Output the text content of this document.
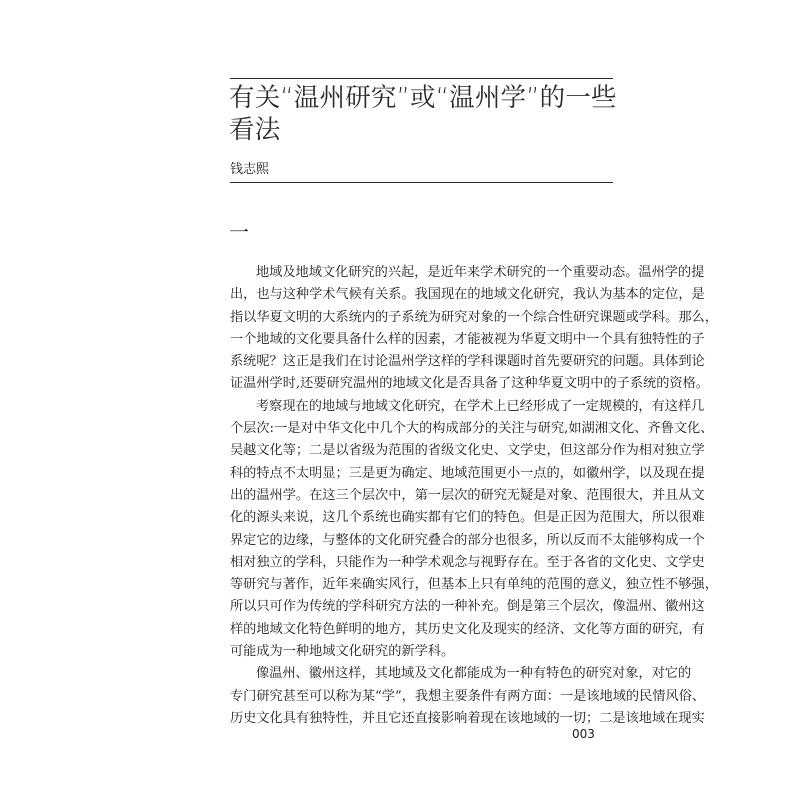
有关“温州研究”或“温州学”的一些
看法
钱志熙
一
地域及地域文化研究的兴起，是近年来学术研究的一个重要动态。温州学的提
出，也与这种学术气候有关系。我国现在的地域文化研究，我认为基本的定位，是
指以华夏文明的大系统内的子系统为研究对象的一个综合性研究课题或学科。那么，
一个地域的文化要具备什么样的因素，才能被视为华夏文明中一个具有独特性的子
系统呢？这正是我们在讨论温州学这样的学科课题时首先要研究的问题。具体到论
证温州学时,还要研究温州的地域文化是否具备了这种华夏文明中的子系统的资格。
考察现在的地域与地域文化研究，在学术上已经形成了一定规模的，有这样几
个层次:一是对中华文化中几个大的构成部分的关注与研究,如湖湘文化、齐鲁文化、
吴越文化等；二是以省级为范围的省级文化史、文学史，但这部分作为相对独立学
科的特点不太明显；三是更为确定、地域范围更小一点的，如徽州学，以及现在提
出的温州学。在这三个层次中，第一层次的研究无疑是对象、范围很大，并且从文
化的源头来说，这几个系统也确实都有它们的特色。但是正因为范围大，所以很难
界定它的边缘，与整体的文化研究叠合的部分也很多，所以反而不太能够构成一个
相对独立的学科，只能作为一种学术观念与视野存在。至于各省的文化史、文学史
等研究与著作，近年来确实风行，但基本上只有单纯的范围的意义，独立性不够强，
所以只可作为传统的学科研究方法的一种补充。倒是第三个层次，像温州、徽州这
样的地域文化特色鲜明的地方，其历史文化及现实的经济、文化等方面的研究，有
可能成为一种地域文化研究的新学科。
像温州、徽州这样，其地域及文化都能成为一种有特色的研究对象，对它的
专门研究甚至可以称为某“学”，我想主要条件有两方面：一是该地域的民情风俗、
历史文化具有独特性，并且它还直接影响着现在该地域的一切；二是该地域在现实
003
